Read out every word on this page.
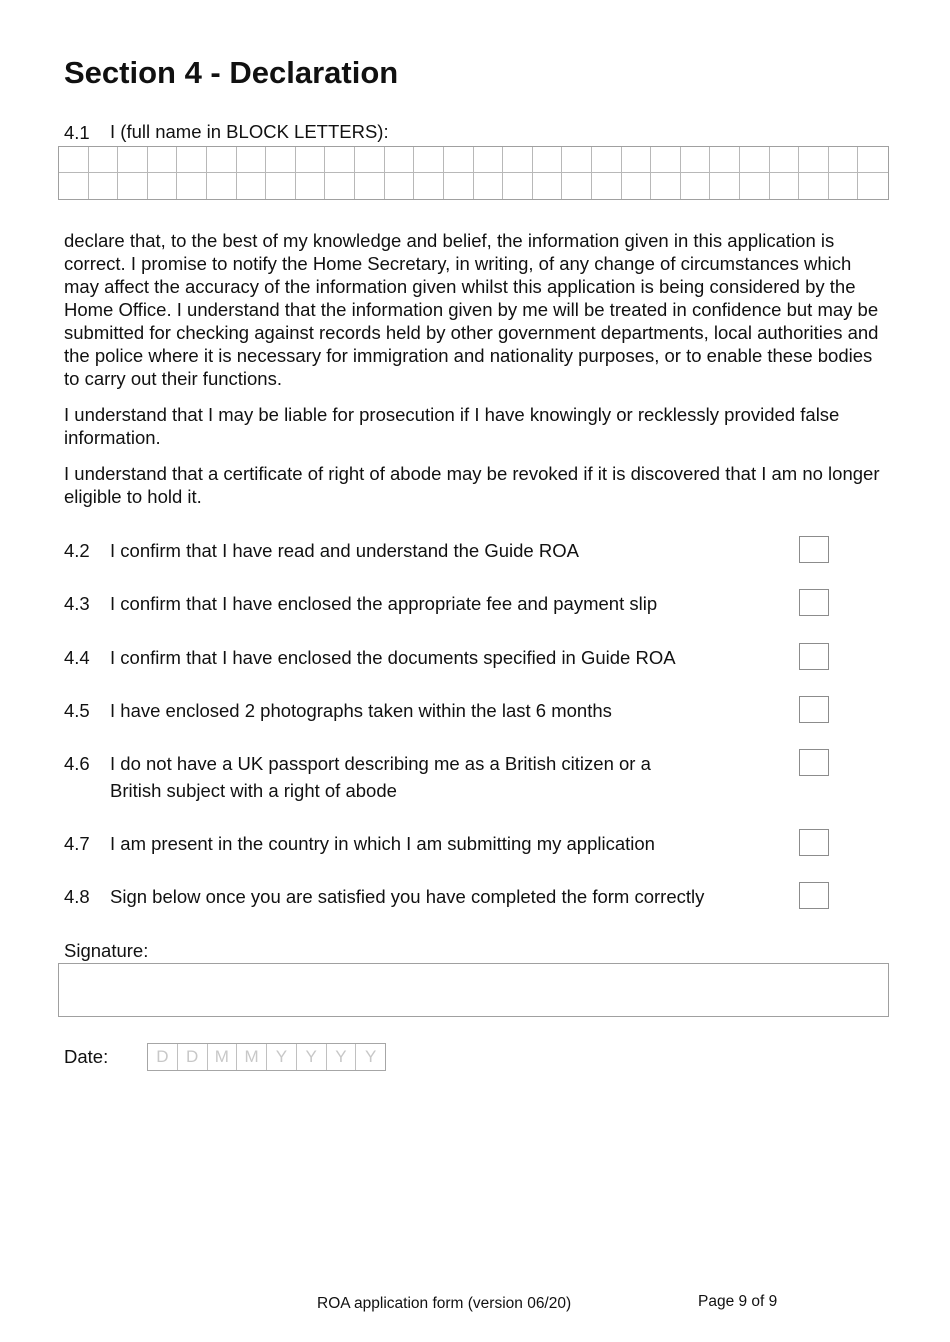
Section 4 - Declaration
4.1 I (full name in BLOCK LETTERS):

declare that, to the best of my knowledge and belief, the information given in this application is correct. I promise to notify the Home Secretary, in writing, of any change of circumstances which may affect the accuracy of the information given whilst this application is being considered by the Home Office. I understand that the information given by me will be treated in confidence but may be submitted for checking against records held by other government departments, local authorities and the police where it is necessary for immigration and nationality purposes, or to enable these bodies to carry out their functions.

I understand that I may be liable for prosecution if I have knowingly or recklessly provided false information.

I understand that a certificate of right of abode may be revoked if it is discovered that I am no longer eligible to hold it.

4.2 I confirm that I have read and understand the Guide ROA
4.3 I confirm that I have enclosed the appropriate fee and payment slip
4.4 I confirm that I have enclosed the documents specified in Guide ROA
4.5 I have enclosed 2 photographs taken within the last 6 months
4.6 I do not have a UK passport describing me as a British citizen or a British subject with a right of abode
4.7 I am present in the country in which I am submitting my application
4.8 Sign below once you are satisfied you have completed the form correctly
Signature:
Date:	D	D M M	Y	Y	Y	Y
ROA application form (version 06/20)	Page 9 of 9
